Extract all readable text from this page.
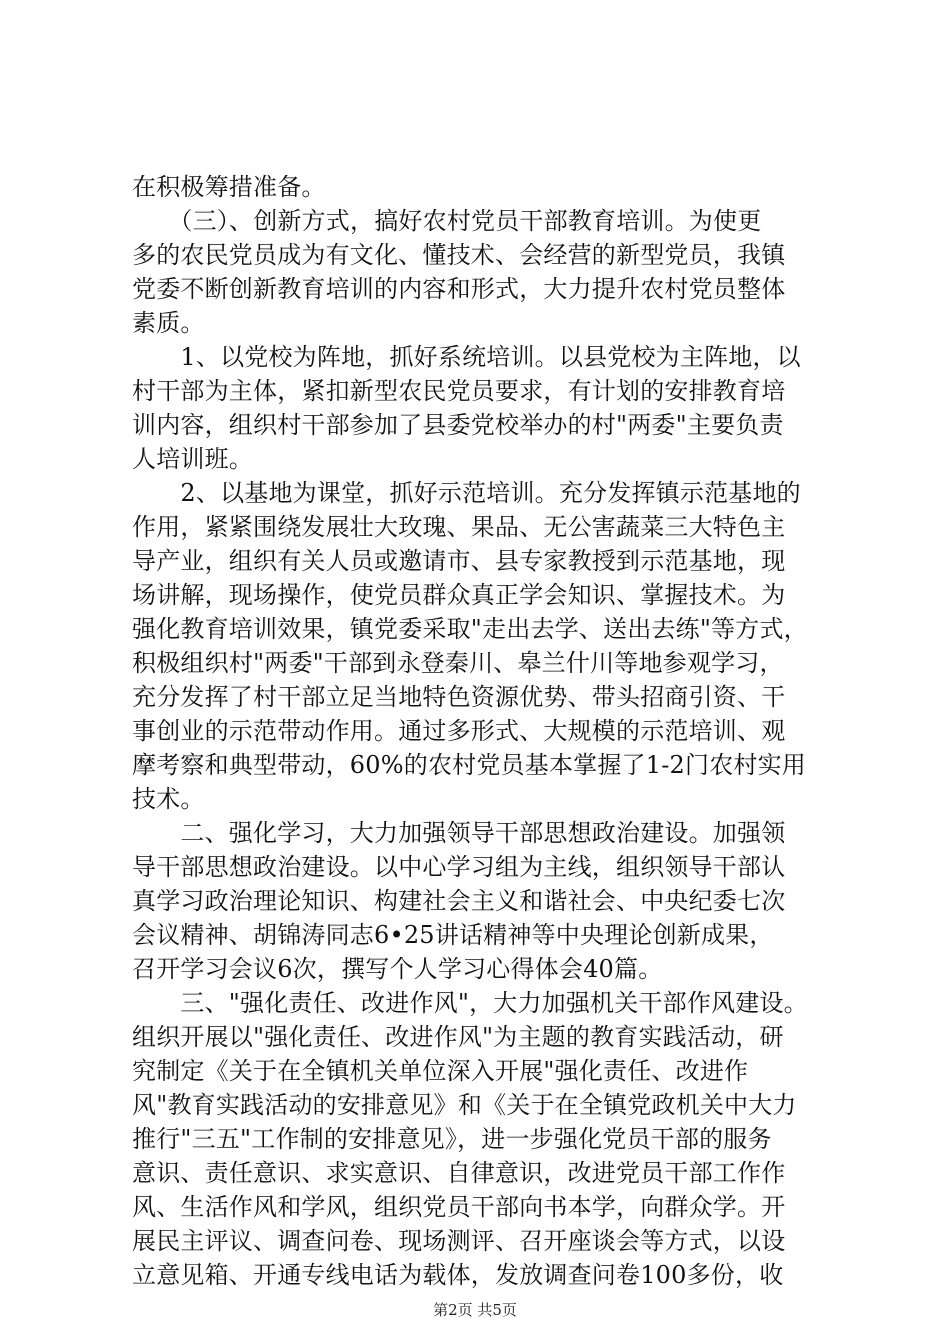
在积极筹措准备。
　　（三）、创新方式，搞好农村党员干部教育培训。为使更
多的农民党员成为有文化、懂技术、会经营的新型党员，我镇
党委不断创新教育培训的内容和形式，大力提升农村党员整体
素质。
　　1、以党校为阵地，抓好系统培训。以县党校为主阵地，以
村干部为主体，紧扣新型农民党员要求，有计划的安排教育培
训内容，组织村干部参加了县委党校举办的村"两委"主要负责
人培训班。
　　2、以基地为课堂，抓好示范培训。充分发挥镇示范基地的
作用，紧紧围绕发展壮大玫瑰、果品、无公害蔬菜三大特色主
导产业，组织有关人员或邀请市、县专家教授到示范基地，现
场讲解，现场操作，使党员群众真正学会知识、掌握技术。为
强化教育培训效果，镇党委采取"走出去学、送出去练"等方式，
积极组织村"两委"干部到永登秦川、皋兰什川等地参观学习，
充分发挥了村干部立足当地特色资源优势、带头招商引资、干
事创业的示范带动作用。通过多形式、大规模的示范培训、观
摩考察和典型带动，60%的农村党员基本掌握了1-2门农村实用
技术。
　　二、强化学习，大力加强领导干部思想政治建设。加强领
导干部思想政治建设。以中心学习组为主线，组织领导干部认
真学习政治理论知识、构建社会主义和谐社会、中央纪委七次
会议精神、胡锦涛同志6•25讲话精神等中央理论创新成果，
召开学习会议6次，撰写个人学习心得体会40篇。
　　三、"强化责任、改进作风"，大力加强机关干部作风建设。
组织开展以"强化责任、改进作风"为主题的教育实践活动，研
究制定《关于在全镇机关单位深入开展"强化责任、改进作
风"教育实践活动的安排意见》和《关于在全镇党政机关中大力
推行"三五"工作制的安排意见》，进一步强化党员干部的服务
意识、责任意识、求实意识、自律意识，改进党员干部工作作
风、生活作风和学风，组织党员干部向书本学，向群众学。开
展民主评议、调查问卷、现场测评、召开座谈会等方式，以设
立意见箱、开通专线电话为载体，发放调查问卷100多份，收
第2页 共5页
